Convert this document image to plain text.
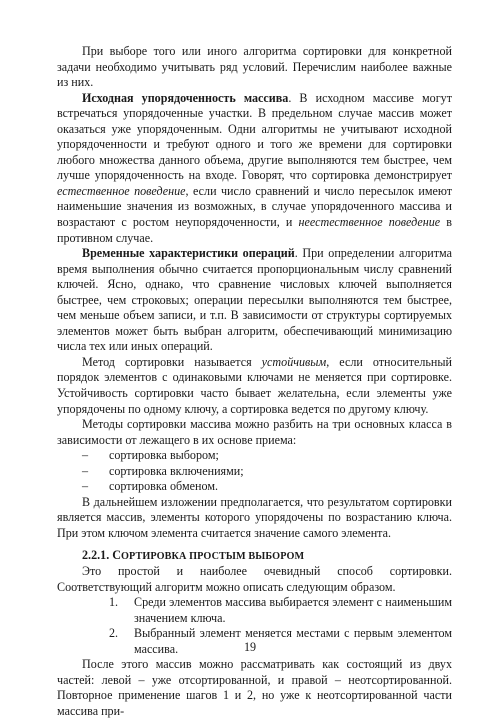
При выборе того или иного алгоритма сортировки для конкретной задачи необходимо учитывать ряд условий. Перечислим наиболее важные из них.

Исходная упорядоченность массива. В исходном массиве могут встречаться упорядоченные участки. В предельном случае массив может оказаться уже упорядоченным. Одни алгоритмы не учитывают исходной упорядоченности и требуют одного и того же времени для сортировки любого множества данного объема, другие выполняются тем быстрее, чем лучше упорядоченность на входе. Говорят, что сортировка демонстрирует естественное поведение, если число сравнений и число пересылок имеют наименьшие значения из возможных, в случае упорядоченного массива и возрастают с ростом неупорядоченности, и неестественное поведение в противном случае.

Временные характеристики операций. При определении алгоритма время выполнения обычно считается пропорциональным числу сравнений ключей. Ясно, однако, что сравнение числовых ключей выполняется быстрее, чем строковых; операции пересылки выполняются тем быстрее, чем меньше объем записи, и т.п. В зависимости от структуры сортируемых элементов может быть выбран алгоритм, обеспечивающий минимизацию числа тех или иных операций.

Метод сортировки называется устойчивым, если относительный порядок элементов с одинаковыми ключами не меняется при сортировке. Устойчивость сортировки часто бывает желательна, если элементы уже упорядочены по одному ключу, а сортировка ведется по другому ключу.

Методы сортировки массива можно разбить на три основных класса в зависимости от лежащего в их основе приема:

– сортировка выбором;
– сортировка включениями;
– сортировка обменом.

В дальнейшем изложении предполагается, что результатом сортировки является массив, элементы которого упорядочены по возрастанию ключа. При этом ключом элемента считается значение самого элемента.

2.2.1. СОРТИРОВКА ПРОСТЫМ ВЫБОРОМ

Это простой и наиболее очевидный способ сортировки. Соответствующий алгоритм можно описать следующим образом.

1. Среди элементов массива выбирается элемент с наименьшим значением ключа.
2. Выбранный элемент меняется местами с первым элементом массива.

После этого массив можно рассматривать как состоящий из двух частей: левой – уже отсортированной, и правой – неотсортированной. Повторное применение шагов 1 и 2, но уже к неотсортированной части массива при-

19
